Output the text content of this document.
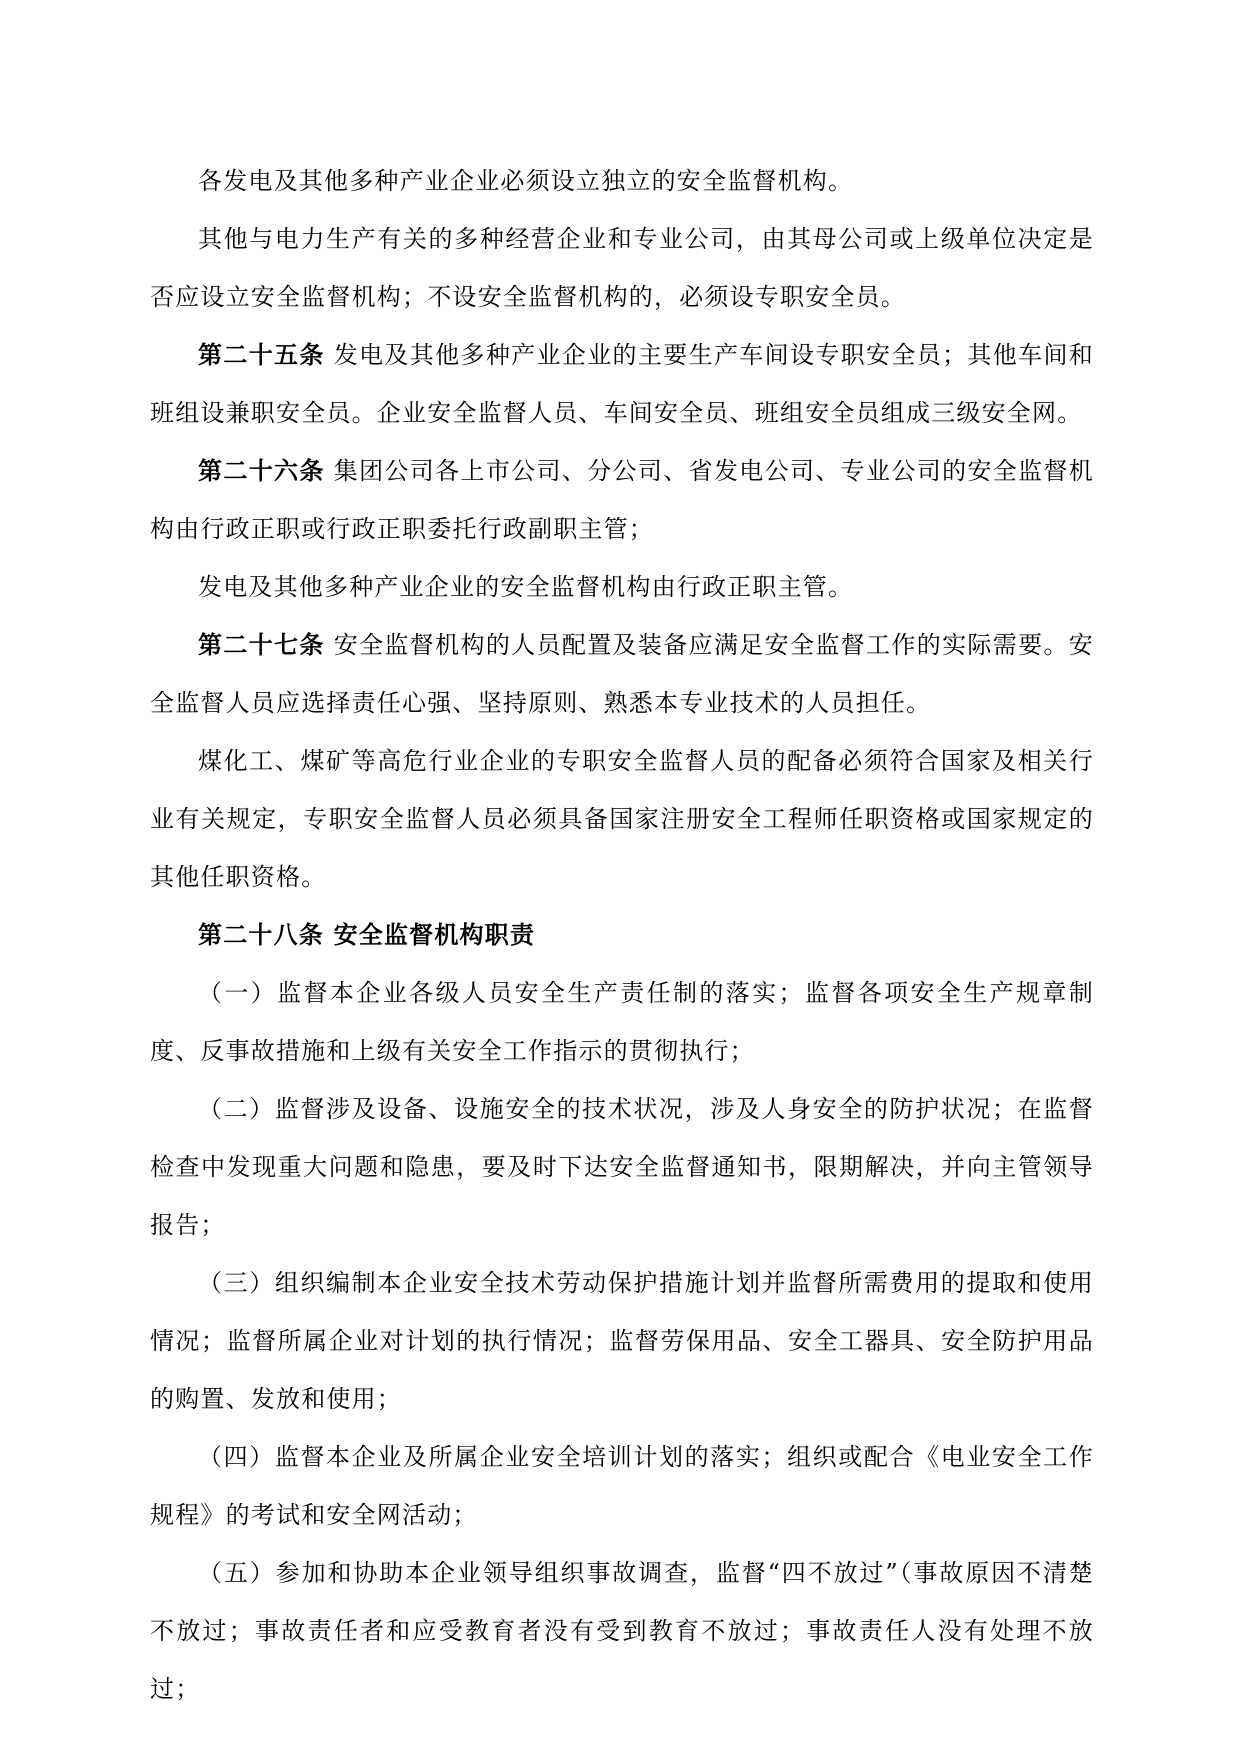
各发电及其他多种产业企业必须设立独立的安全监督机构。

其他与电力生产有关的多种经营企业和专业公司，由其母公司或上级单位决定是否应设立安全监督机构；不设安全监督机构的，必须设专职安全员。

第二十五条 发电及其他多种产业企业的主要生产车间设专职安全员；其他车间和班组设兼职安全员。企业安全监督人员、车间安全员、班组安全员组成三级安全网。

第二十六条 集团公司各上市公司、分公司、省发电公司、专业公司的安全监督机构由行政正职或行政正职委托行政副职主管；

发电及其他多种产业企业的安全监督机构由行政正职主管。

第二十七条 安全监督机构的人员配置及装备应满足安全监督工作的实际需要。安全监督人员应选择责任心强、坚持原则、熟悉本专业技术的人员担任。

煤化工、煤矿等高危行业企业的专职安全监督人员的配备必须符合国家及相关行业有关规定，专职安全监督人员必须具备国家注册安全工程师任职资格或国家规定的其他任职资格。

第二十八条 安全监督机构职责

（一）监督本企业各级人员安全生产责任制的落实；监督各项安全生产规章制度、反事故措施和上级有关安全工作指示的贯彻执行；

（二）监督涉及设备、设施安全的技术状况，涉及人身安全的防护状况；在监督检查中发现重大问题和隐患，要及时下达安全监督通知书，限期解决，并向主管领导报告；

（三）组织编制本企业安全技术劳动保护措施计划并监督所需费用的提取和使用情况；监督所属企业对计划的执行情况；监督劳保用品、安全工器具、安全防护用品的购置、发放和使用；

（四）监督本企业及所属企业安全培训计划的落实；组织或配合《电业安全工作规程》的考试和安全网活动；

（五）参加和协助本企业领导组织事故调查，监督“四不放过”（事故原因不清楚不放过；事故责任者和应受教育者没有受到教育不放过；事故责任人没有处理不放过；
